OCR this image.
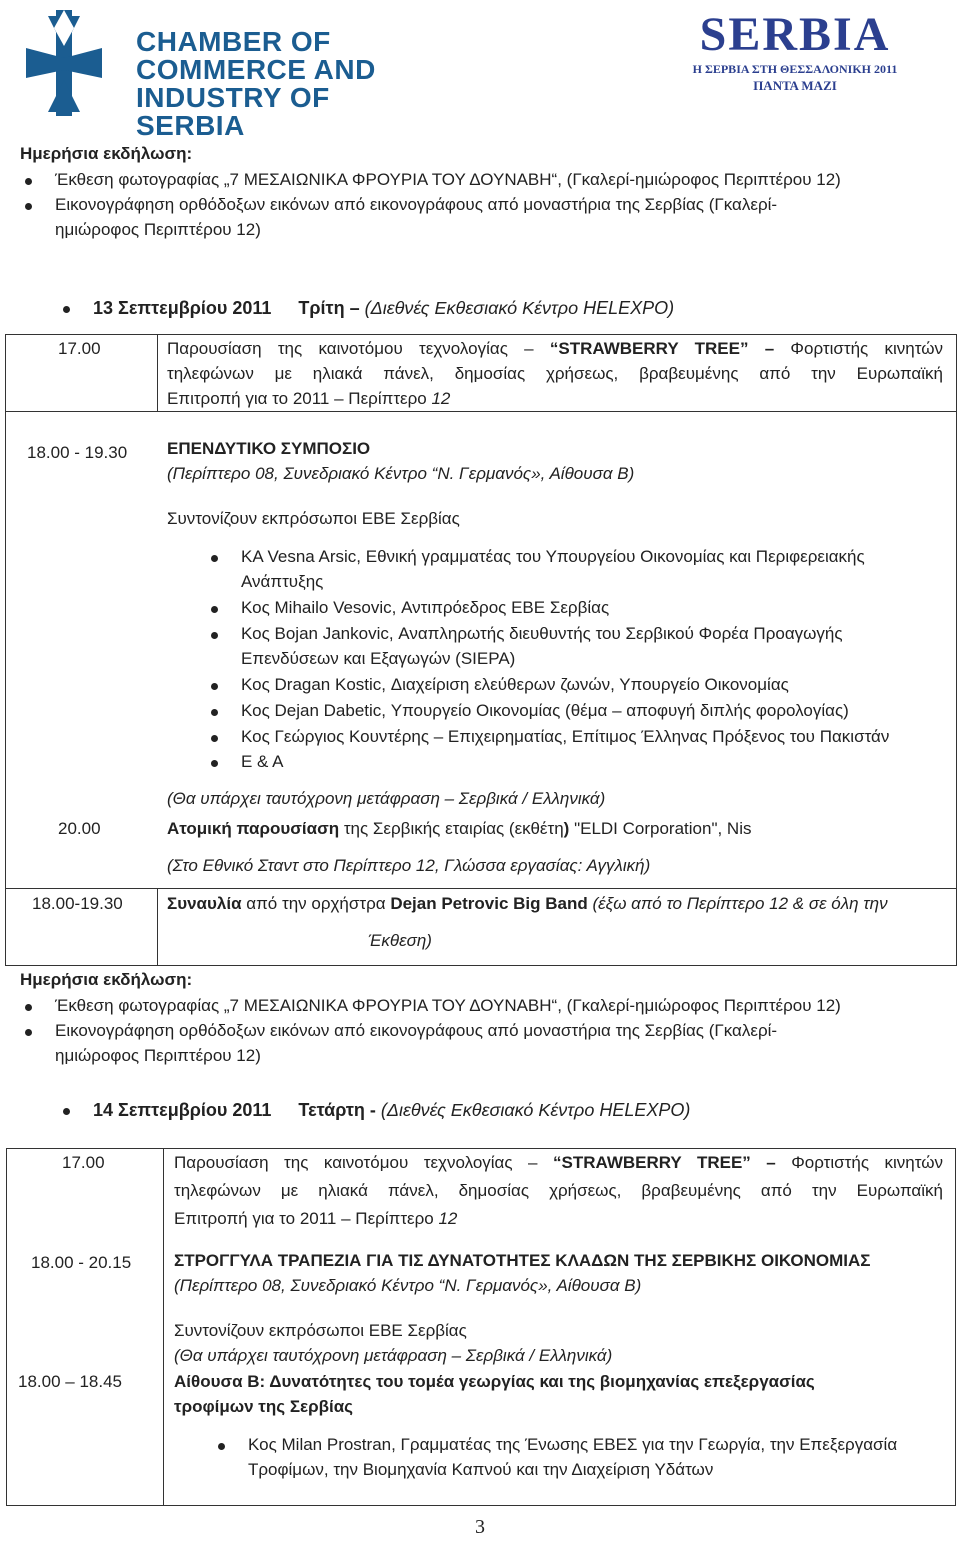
CHAMBER OF
COMMERCE AND
INDUSTRY OF SERBIA
SERBIA
Η ΣΕΡΒΙΑ ΣΤΗ ΘΕΣΣΑΛΟΝΙΚΗ 2011
ΠΑΝΤΑ ΜΑΖΙ
Ημερήσια εκδήλωση:
Έκθεση φωτογραφίας „7 ΜΕΣΑΙΩΝΙΚΑ ΦΡΟΥΡΙΑ ΤΟΥ ΔΟΥΝΑΒΗ“, (Γκαλερί-ημιώροφος Περιπτέρου 12)
Εικονογράφηση ορθόδοξων εικόνων από εικονογράφους από μοναστήρια της Σερβίας (Γκαλερί-
ημιώροφος Περιπτέρου 12)
13 Σεπτεμβρίου 2011 Τρίτη – (Διεθνές Εκθεσιακό Κέντρο HELEXPO)
17.00	Παρουσίαση της καινοτόμου τεχνολογίας – “STRAWBERRY TREE” – Φορτιστής κινητών
τηλεφώνων με ηλιακά πάνελ, δημοσίας χρήσεως, βραβευμένης από την Ευρωπαϊκή
Επιτροπή για το 2011 – Περίπτερο 12
18.00 - 19.30 ΕΠΕΝΔΥΤΙΚΟ ΣΥΜΠΟΣΙΟ
(Περίπτερο 08, Συνεδριακό Κέντρο “N. Γερμανός», Αίθουσα Β)
Συντονίζουν εκπρόσωποι ΕΒΕ Σερβίας
ΚΑ Vesna Arsic, Εθνική γραμματέας του Υπουργείου Οικονομίας και Περιφερειακής
Ανάπτυξης
Κος Mihailo Vesovic, Αντιπρόεδρος ΕΒΕ Σερβίας
Κος Bojan Jankovic, Αναπληρωτής διευθυντής του Σερβικού Φορέα Προαγωγής
Επενδύσεων και Εξαγωγών (SIEPA)
Κος Dragan Kostic, Διαχείριση ελεύθερων ζωνών, Υπουργείο Οικονομίας
Κος Dejan Dabetic, Υπουργείο Οικονομίας (θέμα – αποφυγή διπλής φορολογίας)
Κος Γεώργιος Κουντέρης – Επιχειρηματίας, Επίτιμος Έλληνας Πρόξενος του Πακιστάν
Ε & Α
(Θα υπάρχει ταυτόχρονη μετάφραση – Σερβικά / Ελληνικά)
20.00	Ατομική παρουσίαση της Σερβικής εταιρίας (εκθέτη) "ELDI Corporation", Nis
(Στο Εθνικό Σταντ στο Περίπτερο 12, Γλώσσα εργασίας: Αγγλική)
18.00-19.30	Συναυλία από την ορχήστρα Dejan Petrovic Big Band (έξω από το Περίπτερο 12 & σε όλη την
Έκθεση)
Ημερήσια εκδήλωση:
Έκθεση φωτογραφίας „7 ΜΕΣΑΙΩΝΙΚΑ ΦΡΟΥΡΙΑ ΤΟΥ ΔΟΥΝΑΒΗ“, (Γκαλερί-ημιώροφος Περιπτέρου 12)
Εικονογράφηση ορθόδοξων εικόνων από εικονογράφους από μοναστήρια της Σερβίας (Γκαλερί-
ημιώροφος Περιπτέρου 12)
14 Σεπτεμβρίου 2011 Τετάρτη - (Διεθνές Εκθεσιακό Κέντρο HELEXPO)
17.00	Παρουσίαση της καινοτόμου τεχνολογίας – “STRAWBERRY TREE” – Φορτιστής κινητών
τηλεφώνων με ηλιακά πάνελ, δημοσίας χρήσεως, βραβευμένης από την Ευρωπαϊκή
Επιτροπή για το 2011 – Περίπτερο 12
18.00 - 20.15	ΣΤΡΟΓΓΥΛΑ ΤΡΑΠΕΖΙΑ ΓΙΑ ΤΙΣ ΔΥΝΑΤΟΤΗΤΕΣ ΚΛΑΔΩΝ ΤΗΣ ΣΕΡΒΙΚΗΣ ΟΙΚΟΝΟΜΙΑΣ
(Περίπτερο 08, Συνεδριακό Κέντρο “N. Γερμανός», Αίθουσα Β)
Συντονίζουν εκπρόσωποι ΕΒΕ Σερβίας
(Θα υπάρχει ταυτόχρονη μετάφραση – Σερβικά / Ελληνικά)
18.00 – 18.45	Αίθουσα Β: Δυνατότητες του τομέα γεωργίας και της βιομηχανίας επεξεργασίας
τροφίμων της Σερβίας
Κος Milan Prostran, Γραμματέας της Ένωσης ΕΒΕΣ για την Γεωργία, την Επεξεργασία
Τροφίμων, την Βιομηχανία Καπνού και την Διαχείριση Υδάτων
3
